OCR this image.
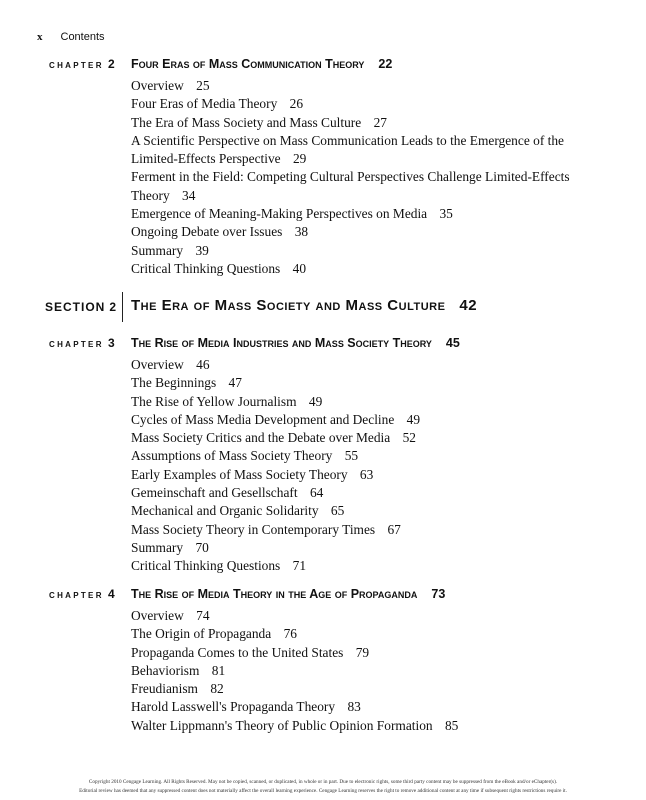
x Contents
CHAPTER 2 Four Eras of Mass Communication Theory 22
Overview 25
Four Eras of Media Theory 26
The Era of Mass Society and Mass Culture 27
A Scientific Perspective on Mass Communication Leads to the Emergence of the Limited-Effects Perspective 29
Ferment in the Field: Competing Cultural Perspectives Challenge Limited-Effects Theory 34
Emergence of Meaning-Making Perspectives on Media 35
Ongoing Debate over Issues 38
Summary 39
Critical Thinking Questions 40
SECTION 2 The Era of Mass Society and Mass Culture 42
CHAPTER 3 The Rise of Media Industries and Mass Society Theory 45
Overview 46
The Beginnings 47
The Rise of Yellow Journalism 49
Cycles of Mass Media Development and Decline 49
Mass Society Critics and the Debate over Media 52
Assumptions of Mass Society Theory 55
Early Examples of Mass Society Theory 63
Gemeinschaft and Gesellschaft 64
Mechanical and Organic Solidarity 65
Mass Society Theory in Contemporary Times 67
Summary 70
Critical Thinking Questions 71
CHAPTER 4 The Rise of Media Theory in the Age of Propaganda 73
Overview 74
The Origin of Propaganda 76
Propaganda Comes to the United States 79
Behaviorism 81
Freudianism 82
Harold Lasswell's Propaganda Theory 83
Walter Lippmann's Theory of Public Opinion Formation 85
Copyright 2010 Cengage Learning. All Rights Reserved. May not be copied, scanned, or duplicated, in whole or in part. Due to electronic rights, some third party content may be suppressed from the eBook and/or eChapter(s).
Editorial review has deemed that any suppressed content does not materially affect the overall learning experience. Cengage Learning reserves the right to remove additional content at any time if subsequent rights restrictions require it.
